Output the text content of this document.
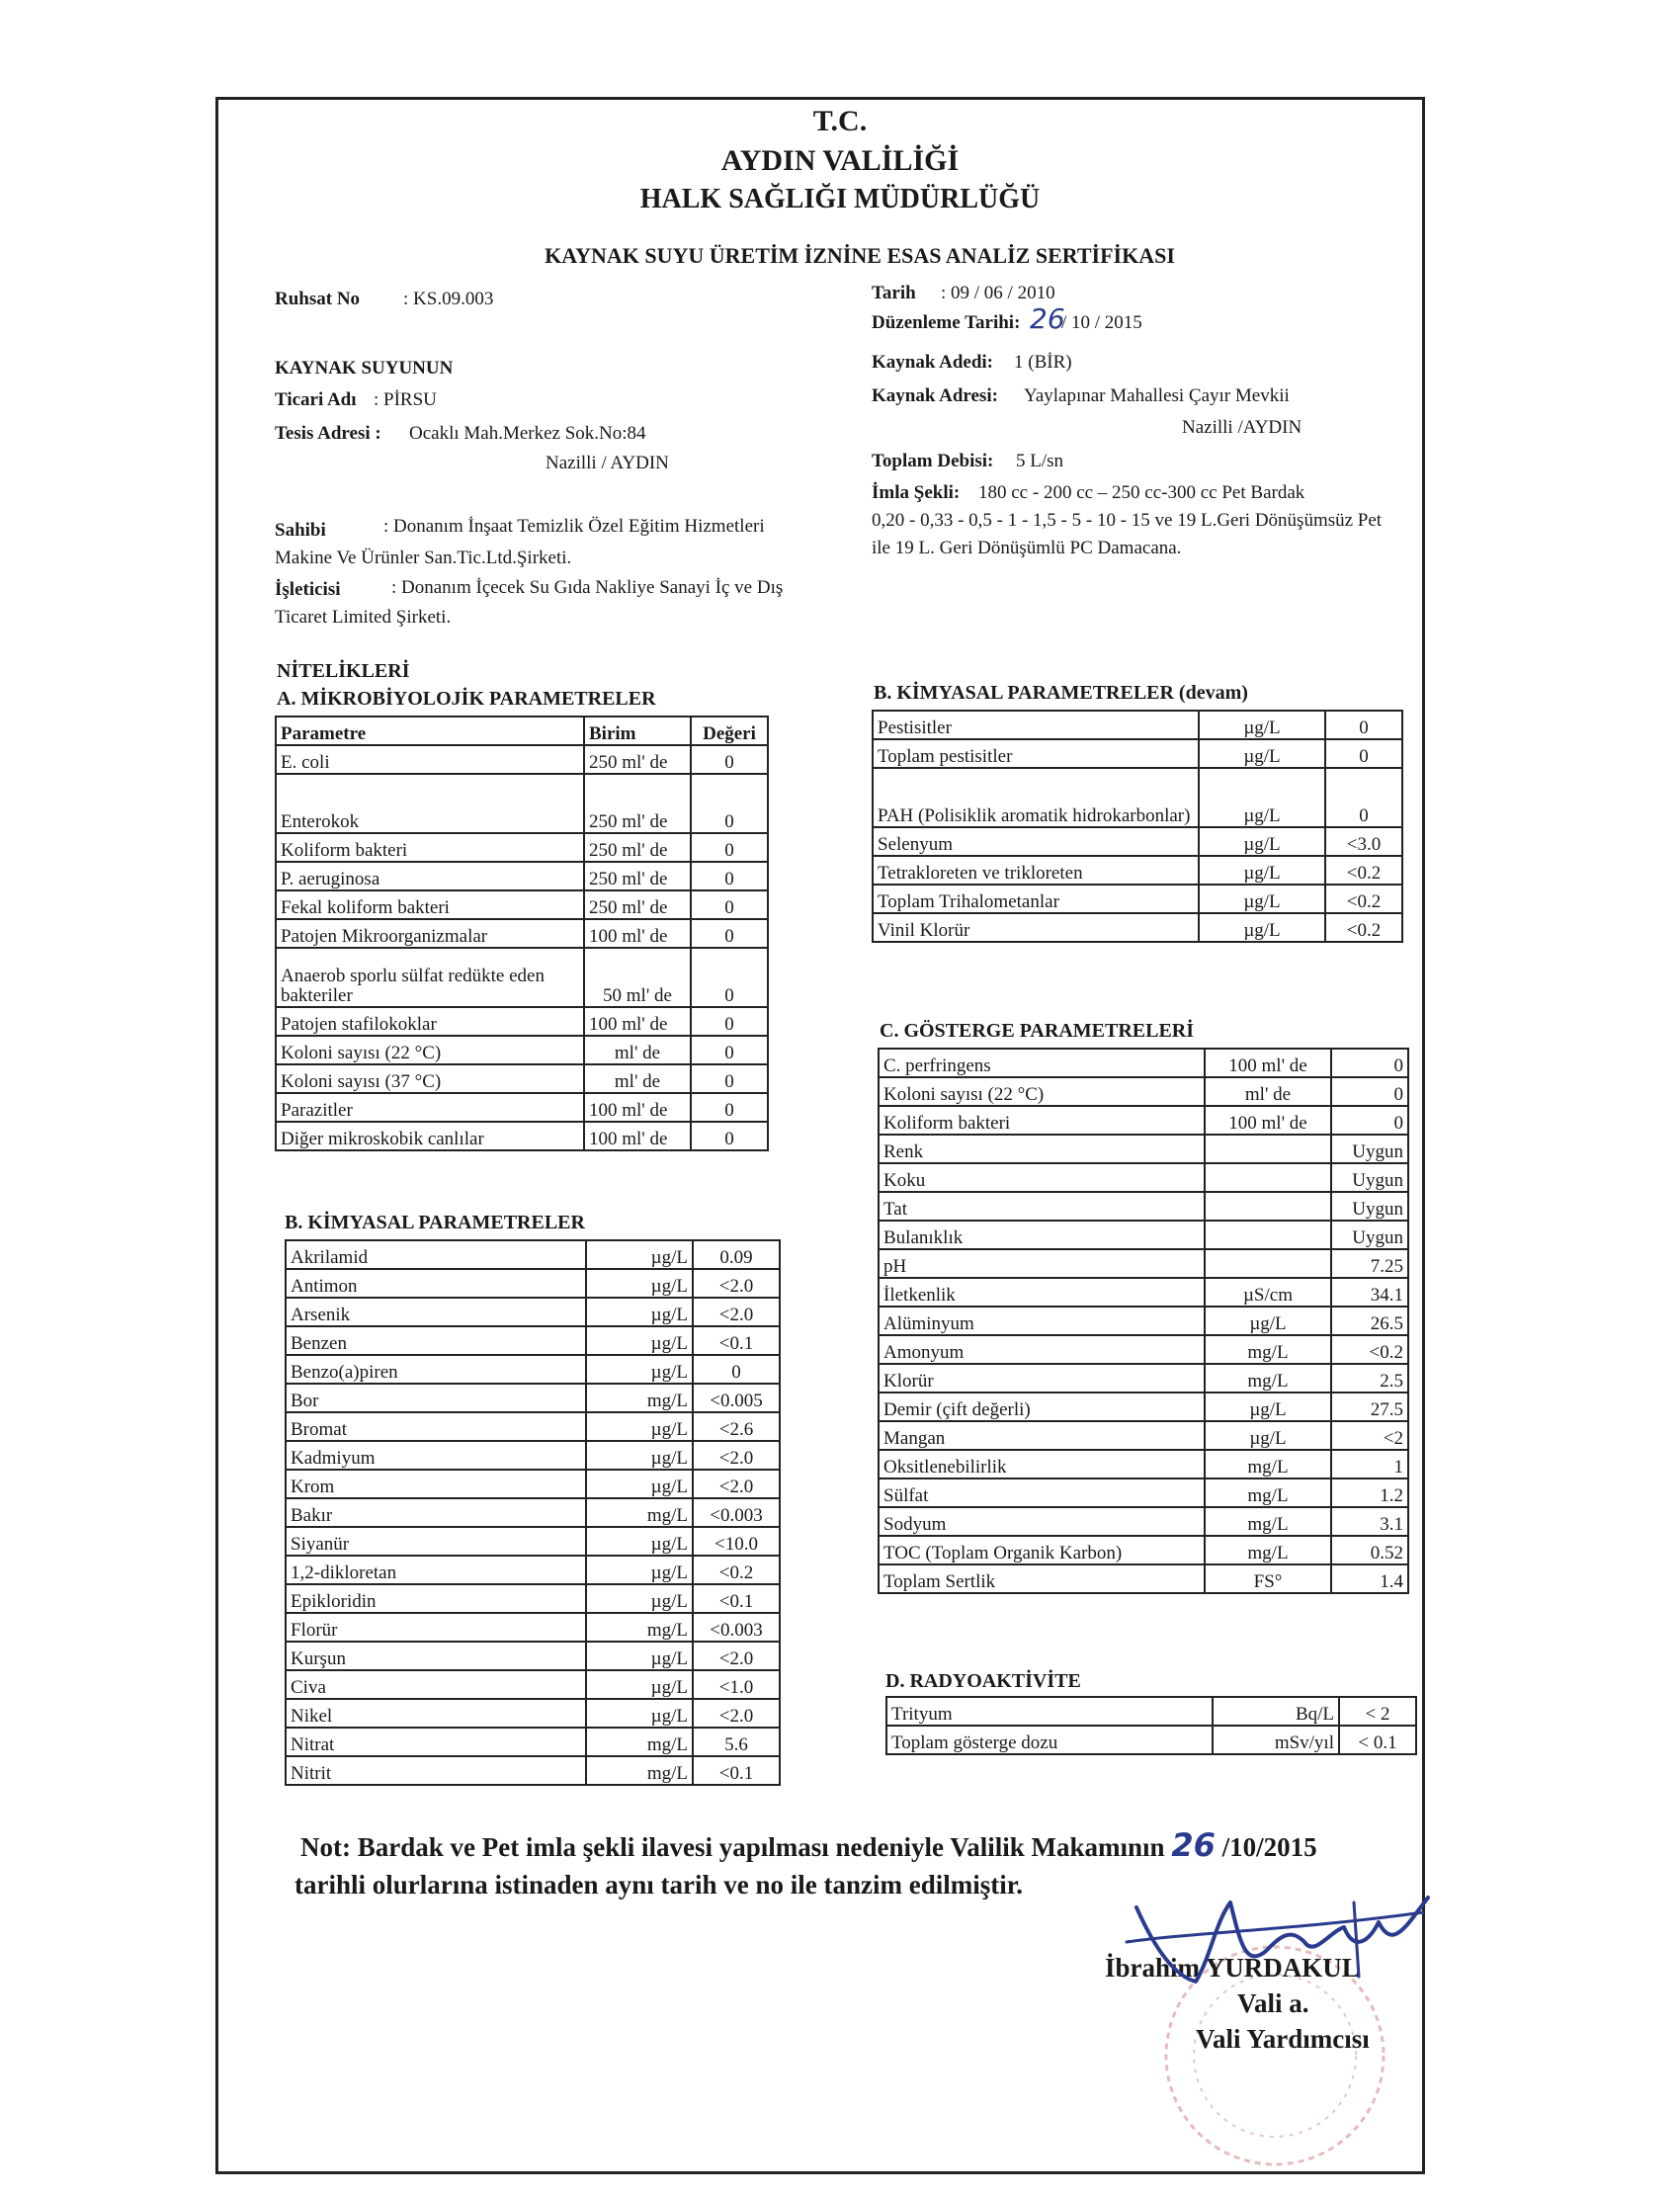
T.C.
AYDIN VALİLİĞİ
HALK SAĞLIĞI MÜDÜRLÜĞÜ
KAYNAK SUYU ÜRETİM İZNİNE ESAS ANALİZ SERTİFİKASI
Ruhsat No : KS.09.003
KAYNAK SUYUNUN
Ticari Adı : PİRSU
Tesis Adresi : Ocaklı Mah.Merkez Sok.No:84
Nazilli / AYDIN
Sahibi	: Donanım İnşaat Temizlik Özel Eğitim Hizmetleri
Makine Ve Ürünler San.Tic.Ltd.Şirketi.
İşleticisi	: Donanım İçecek Su Gıda Nakliye Sanayi İç ve Dış
Ticaret Limited Şirketi.
Tarih : 09 / 06 / 2010
Düzenleme Tarihi: 26
/ 10 / 2015
Kaynak Adedi: 1 (BİR)
Kaynak Adresi: Yaylapınar Mahallesi Çayır Mevkii
Nazilli /AYDIN
Toplam Debisi: 5 L/sn
İmla Şekli: 180 cc - 200 cc – 250 cc-300 cc Pet Bardak
0,20 - 0,33 - 0,5 - 1 - 1,5 - 5 - 10 - 15 ve 19 L.Geri Dönüşümsüz Pet
ile 19 L. Geri Dönüşümlü PC Damacana.
NİTELİKLERİ
A. MİKROBİYOLOJİK PARAMETRELER
B. KİMYASAL PARAMETRELER
B. KİMYASAL PARAMETRELER (devam)
C. GÖSTERGE PARAMETRELERİ
D. RADYOAKTİVİTE
Parametre	Birim	Değeri
E. coli	250 ml' de	0
Enterokok	250 ml' de	0
Koliform bakteri	250 ml' de	0
P. aeruginosa	250 ml' de	0
Fekal koliform bakteri	250 ml' de	0
Patojen Mikroorganizmalar	100 ml' de	0
Anaerob sporlu sülfat redükte eden bakteriler	50 ml' de	0
Patojen stafilokoklar	100 ml' de	0
Koloni sayısı (22 °C)	ml' de	0
Koloni sayısı (37 °C)	ml' de	0
Parazitler	100 ml' de	0
Diğer mikroskobik canlılar	100 ml' de	0
Akrilamid	µg/L	0.09
Antimon	µg/L	<2.0
Arsenik	µg/L	<2.0
Benzen	µg/L	<0.1
Benzo(a)piren	µg/L	0
Bor	mg/L	<0.005
Bromat	µg/L	<2.6
Kadmiyum	µg/L	<2.0
Krom	µg/L	<2.0
Bakır	mg/L	<0.003
Siyanür	µg/L	<10.0
1,2-dikloretan	µg/L	<0.2
Epikloridin	µg/L	<0.1
Florür	mg/L	<0.003
Kurşun	µg/L	<2.0
Civa	µg/L	<1.0
Nikel	µg/L	<2.0
Nitrat	mg/L	5.6
Nitrit	mg/L	<0.1
Pestisitler	µg/L	0
Toplam pestisitler	µg/L	0
PAH (Polisiklik aromatik hidrokarbonlar)	µg/L	0
Selenyum	µg/L	<3.0
Tetrakloreten ve trikloreten	µg/L	<0.2
Toplam Trihalometanlar	µg/L	<0.2
Vinil Klorür	µg/L	<0.2
C. perfringens	100 ml' de	0
Koloni sayısı (22 °C)	ml' de	0
Koliform bakteri	100 ml' de	0
Renk		Uygun
Koku		Uygun
Tat		Uygun
Bulanıklık		Uygun
pH		7.25
İletkenlik	µS/cm	34.1
Alüminyum	µg/L	26.5
Amonyum	mg/L	<0.2
Klorür	mg/L	2.5
Demir (çift değerli)	µg/L	27.5
Mangan	µg/L	<2
Oksitlenebilirlik	mg/L	1
Sülfat	mg/L	1.2
Sodyum	mg/L	3.1
TOC (Toplam Organik Karbon)	mg/L	0.52
Toplam Sertlik	FS°	1.4
Trityum	Bq/L	< 2
Toplam gösterge dozu	mSv/yıl	< 0.1
Not: Bardak ve Pet imla şekli ilavesi yapılması nedeniyle Valilik Makamının 26 /10/2015
tarihli olurlarına istinaden aynı tarih ve no ile tanzim edilmiştir.
İbrahim YURDAKUL
Vali a.
Vali Yardımcısı
